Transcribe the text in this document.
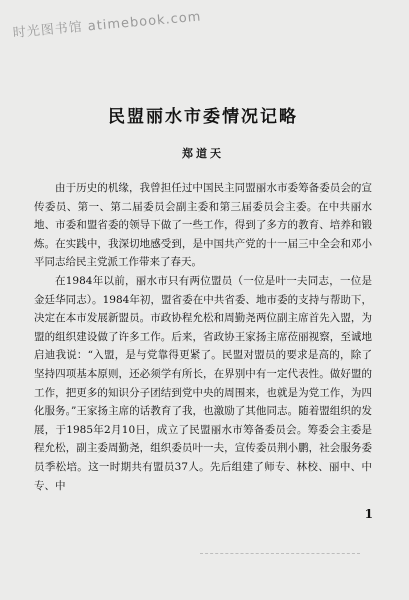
时光图书馆 atimebook.com
民盟丽水市委情况记略
郑道天

由于历史的机缘，我曾担任过中国民主同盟丽水市委筹备委员会的宣传委员、第一、第二届委员会副主委和第三届委员会主委。在中共丽水地、市委和盟省委的领导下做了一些工作，得到了多方的教育、培养和锻炼。在实践中，我深切地感受到，是中国共产党的十一届三中全会和邓小平同志给民主党派工作带来了春天。

在1984年以前，丽水市只有两位盟员（一位是叶一夫同志，一位是金廷华同志）。1984年初，盟省委在中共省委、地市委的支持与帮助下，决定在本市发展新盟员。市政协程允松和周勤尧两位副主席首先入盟，为盟的组织建设做了许多工作。后来，省政协王家扬主席莅丽视察，至诚地启迪我说：“入盟，是与党靠得更紧了。民盟对盟员的要求是高的，除了坚持四项基本原则，还必须学有所长，在界别中有一定代表性。做好盟的工作，把更多的知识分子团结到党中央的周围来，也就是为党工作，为四化服务。”王家扬主席的话教育了我，也激励了其他同志。随着盟组织的发展，于1985年2月10日，成立了民盟丽水市筹备委员会。筹委会主委是程允松，副主委周勤尧，组织委员叶一夫，宣传委员荆小鹏，社会服务委员季松培。这一时期共有盟员37人。先后组建了师专、林校、丽中、中专、中

1
